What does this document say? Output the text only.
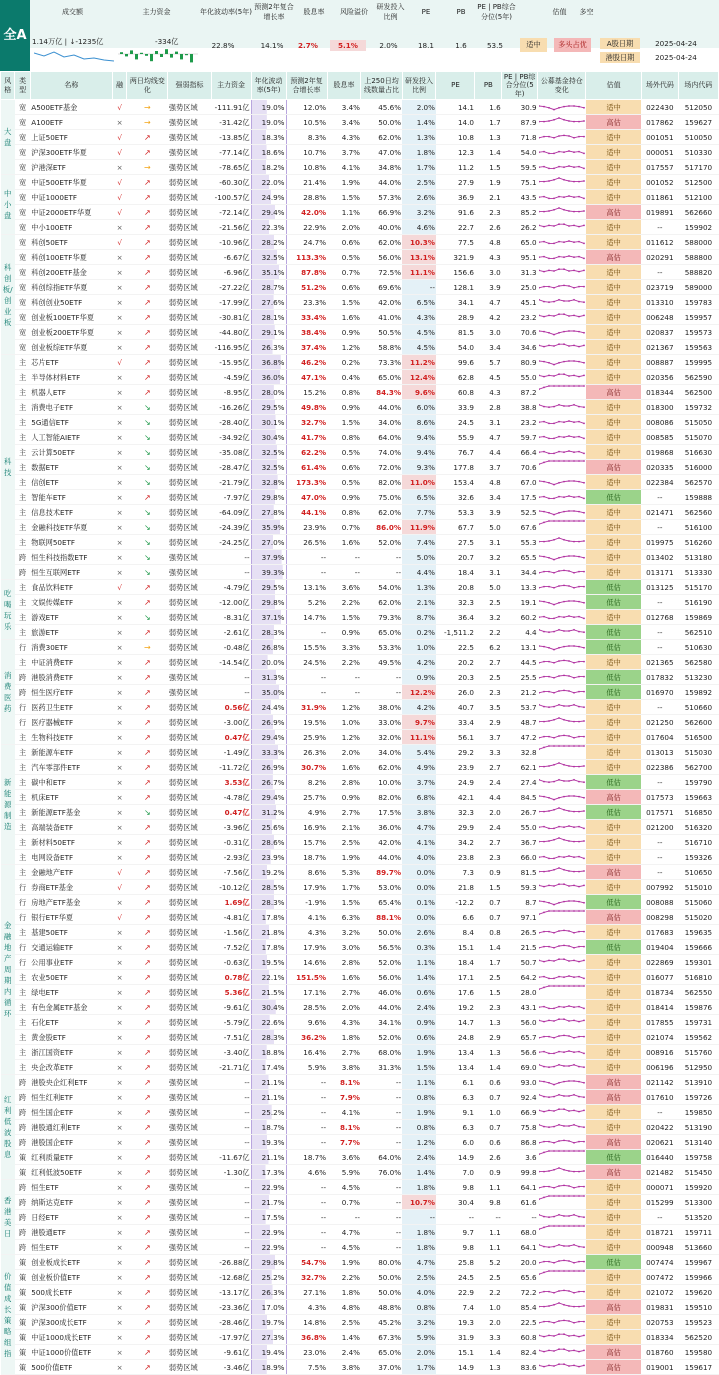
全A
成交额	主力资金	年化波动率(5年)
预测2年复合增长率
股息率	风险溢价
研发投入比例
PE	PB
PE | PB综合分位(5年)
估值	多空
1.14万亿 | ↓-1235亿	-334亿	22.8%	14.1%	2.7%	5.1%	2.0%	18.1	1.6	53.5	适中	多头占优	A股日期	2025-04-24
港股日期	2025-04-24
风格	类型	名称	融	两日均线变化	强弱指标	主力资金	年化波动率(5年)	预测2年复合增长率	股息率	上250日均线数量占比	研发投入比例	PE	PB	PE | PB综合分位(5年)	公募基金持仓变化	估值	场外代码	场内代码
大盘	宽	A500ETF基金	√	→	强势区域	-111.91亿	19.0%	12.0%	3.4%	45.6%	2.0%	14.1	1.6	30.9		适中	022430	512050
	宽	A100ETF	×	→	强势区域	-31.42亿	19.0%	10.5%	3.4%	50.0%	1.4%	14.0	1.7	87.9		高估	017862	159627
	宽	上证50ETF	√	↗	强势区域	-13.85亿	18.3%	8.3%	4.3%	62.0%	1.3%	10.8	1.3	71.8		适中	001051	510050
	宽	沪深300ETF华夏	√	↗	强势区域	-77.14亿	18.6%	10.7%	3.7%	47.0%	1.8%	12.3	1.4	54.0		适中	000051	510330
	宽	沪港深ETF	×	→	强势区域	-78.65亿	18.2%	10.8%	4.1%	34.8%	1.7%	11.2	1.5	59.5		适中	017557	517170
中小盘	宽	中证500ETF华夏	√	↗	弱势区域	-60.30亿	22.0%	21.4%	1.9%	44.0%	2.5%	27.9	1.9	75.1		适中	001052	512500
	宽	中证1000ETF	√	↗	弱势区域	-100.57亿	24.9%	28.8%	1.5%	57.3%	2.6%	36.9	2.1	43.5		适中	011861	512100
	宽	中证2000ETF华夏	√	↗	弱势区域	-72.14亿	29.4%	42.0%	1.1%	66.9%	3.2%	91.6	2.3	85.2		高估	019891	562660
	宽	中小100ETF	×	↗	弱势区域	-21.56亿	22.3%	22.9%	2.0%	40.0%	4.6%	22.7	2.6	26.2		适中	--	159902
科创板/创业板	宽	科创50ETF	√	↗	弱势区域	-10.96亿	28.2%	24.7%	0.6%	62.0%	10.3%	77.5	4.8	65.0		适中	011612	588000
	宽	科创100ETF华夏	×	↗	弱势区域	-6.67亿	32.5%	113.3%	0.5%	56.0%	13.1%	321.9	4.3	95.1		高估	020291	588800
	宽	科创200ETF基金	×	↗	弱势区域	-6.96亿	35.1%	87.8%	0.7%	72.5%	11.1%	156.6	3.0	31.3		适中	--	588820
	宽	科创综指ETF华夏	×	↗	弱势区域	-27.22亿	28.7%	51.2%	0.6%	69.6%	--	128.1	3.9	25.0		适中	023719	589000
	宽	科创创业50ETF	×	↗	弱势区域	-17.99亿	27.6%	23.3%	1.5%	42.0%	6.5%	34.1	4.7	45.1		适中	013310	159783
	宽	创业板100ETF华夏	×	↗	弱势区域	-30.81亿	28.1%	33.4%	1.6%	41.0%	4.3%	28.9	4.2	23.2		适中	006248	159957
	宽	创业板200ETF华夏	×	↗	弱势区域	-44.80亿	29.1%	38.4%	0.9%	50.5%	4.5%	81.5	3.0	70.6		适中	020837	159573
	宽	创业板综ETF华夏	×	↗	弱势区域	-116.95亿	26.3%	37.4%	1.2%	58.8%	4.5%	54.0	3.4	34.6		适中	021367	159563
科技	主	芯片ETF	√	↗	弱势区域	-15.95亿	36.8%	46.2%	0.2%	73.3%	11.2%	99.6	5.7	80.9		适中	008887	159995
	主	半导体材料ETF	×	↗	弱势区域	-4.59亿	36.0%	47.1%	0.4%	65.0%	12.4%	62.8	4.5	55.0		适中	020356	562590
	主	机器人ETF	×	↗	弱势区域	-8.95亿	28.0%	15.2%	0.8%	84.3%	9.6%	60.8	4.3	87.2		高估	018344	562500
	主	消费电子ETF	×	↘	弱势区域	-16.26亿	29.5%	49.8%	0.9%	44.0%	6.0%	33.9	2.8	38.8		适中	018300	159732
	主	5G通信ETF	×	↘	弱势区域	-28.40亿	30.1%	32.7%	1.5%	34.0%	8.6%	24.5	3.1	23.2		适中	008086	515050
	主	人工智能AIETF	×	↘	弱势区域	-34.92亿	30.4%	41.7%	0.8%	64.0%	9.4%	55.9	4.7	59.7		适中	008585	515070
	主	云计算50ETF	×	↘	弱势区域	-35.08亿	32.5%	62.2%	0.5%	74.0%	9.4%	76.7	4.4	66.4		适中	019868	516630
	主	数据ETF	×	↘	弱势区域	-28.47亿	32.5%	61.4%	0.6%	72.0%	9.3%	177.8	3.7	70.6		高估	020335	516000
	主	信创ETF	×	↘	弱势区域	-21.79亿	32.8%	173.3%	0.5%	82.0%	11.0%	153.4	4.8	67.0		适中	022384	562570
	主	智能车ETF	×	↗	弱势区域	-7.97亿	29.8%	47.0%	0.9%	75.0%	6.5%	32.6	3.4	17.5		低估	--	159888
	主	信息技术ETF	×	↘	弱势区域	-64.09亿	27.8%	44.1%	0.8%	62.0%	7.7%	53.3	3.9	52.5		适中	021471	562560
	主	金融科技ETF华夏	×	↘	弱势区域	-24.39亿	35.9%	23.9%	0.7%	86.0%	11.9%	67.7	5.0	67.6		适中	--	516100
	主	物联网50ETF	×	↘	弱势区域	-24.25亿	27.0%	26.5%	1.6%	52.0%	7.4%	27.5	3.1	55.3		适中	019975	516260
	跨	恒生科技指数ETF	×	↘	强势区域	--	37.9%	--	--	--	5.0%	20.7	3.2	65.5		适中	013402	513180
	跨	恒生互联网ETF	×	↘	强势区域	--	39.3%	--	--	--	4.4%	18.4	3.1	34.4		适中	013171	513330
吃喝玩乐	主	食品饮料ETF	√	↗	弱势区域	-4.79亿	29.5%	13.1%	3.6%	54.0%	1.3%	20.8	5.0	13.3		低估	013125	515170
	主	文娱传媒ETF	×	↗	弱势区域	-12.00亿	29.8%	5.2%	2.2%	62.0%	2.1%	32.3	2.5	19.1		低估	--	516190
	主	游戏ETF	×	↘	弱势区域	-8.31亿	37.1%	14.7%	1.5%	79.3%	8.7%	36.4	3.2	60.2		适中	012768	159869
	主	旅游ETF	×	↗	弱势区域	-2.61亿	28.3%	--	0.9%	65.0%	0.2%	-1,511.2	2.2	4.4		低估	--	562510
消费医药	行	消费30ETF	×	→	弱势区域	-0.48亿	26.8%	15.5%	3.3%	53.3%	1.0%	22.5	6.2	13.1		低估	--	510630
	主	中证消费ETF	×	↗	弱势区域	-14.54亿	20.0%	24.5%	2.2%	49.5%	4.2%	20.2	2.7	44.5		适中	021365	562580
	跨	港股消费ETF	×	↗	强势区域	--	31.3%	--	--	--	0.9%	20.3	2.5	25.5		低估	017832	513230
	跨	恒生医疗ETF	×	↗	强势区域	--	35.0%	--	--	--	12.2%	26.0	2.3	21.2		低估	016970	159892
	行	医药卫生ETF	×	↗	弱势区域	0.56亿	24.4%	31.9%	1.2%	38.0%	4.2%	40.7	3.5	53.7		适中	--	510660
	行	医疗器械ETF	×	↗	弱势区域	-3.00亿	26.9%	19.5%	1.0%	33.0%	9.7%	33.4	2.9	48.7		适中	021250	562600
	主	生物科技ETF	×	↗	弱势区域	0.47亿	29.4%	25.9%	1.2%	32.0%	11.1%	56.1	3.7	47.2		适中	017604	516500
新能源制造	主	新能源车ETF	×	↗	弱势区域	-1.49亿	33.3%	26.3%	2.0%	34.0%	5.4%	29.2	3.3	32.8		适中	013013	515030
	主	汽车零部件ETF	×	↗	弱势区域	-11.72亿	26.9%	30.7%	1.6%	62.0%	4.9%	23.9	2.7	62.1		适中	022386	562700
	主	碳中和ETF	×	↗	弱势区域	3.53亿	26.7%	8.2%	2.8%	10.0%	3.7%	24.9	2.4	27.4		低估	--	159790
	主	机床ETF	×	↗	弱势区域	-4.78亿	29.4%	25.7%	0.9%	82.0%	6.8%	42.1	4.4	84.5		高估	017573	159663
	主	新能源ETF基金	×	↘	弱势区域	0.47亿	31.2%	4.9%	2.7%	17.5%	3.8%	32.3	2.0	26.7		低估	017571	516850
	主	高端装备ETF	×	↗	弱势区域	-3.96亿	25.6%	16.9%	2.1%	36.0%	4.7%	29.9	2.4	55.0		适中	021200	516320
	主	新材料50ETF	×	↗	弱势区域	-0.31亿	28.6%	15.7%	2.5%	42.0%	4.1%	34.2	2.7	36.7		适中	--	516710
	主	电网设备ETF	×	↗	弱势区域	-2.93亿	23.9%	18.7%	1.9%	44.0%	4.0%	23.8	2.3	66.0		适中	--	159326
金融地产周期内循环	主	金融地产ETF	√	↗	弱势区域	-7.56亿	19.2%	8.6%	5.3%	89.7%	0.0%	7.3	0.9	81.5		高估	--	510650
	行	券商ETF基金	√	↗	弱势区域	-10.12亿	28.5%	17.9%	1.7%	53.0%	0.0%	21.8	1.5	59.3		适中	007992	515010
	行	房地产ETF基金	×	↗	弱势区域	1.69亿	28.3%	-1.9%	1.5%	65.4%	0.1%	-12.2	0.7	8.7		低估	008088	515060
	行	银行ETF华夏	√	↗	弱势区域	-4.81亿	17.8%	4.1%	6.3%	88.1%	0.0%	6.6	0.7	97.1		高估	008298	515020
	主	基建50ETF	×	↗	弱势区域	-1.56亿	21.8%	4.3%	3.2%	50.0%	2.6%	8.4	0.8	26.5		适中	017683	159635
	行	交通运输ETF	×	↗	弱势区域	-7.52亿	17.8%	17.9%	3.0%	56.5%	0.3%	15.1	1.4	21.5		低估	019404	159666
	行	公用事业ETF	×	↗	弱势区域	-0.63亿	19.5%	14.6%	2.8%	52.0%	1.1%	18.4	1.7	50.7		适中	022869	159301
	主	农业50ETF	×	↗	弱势区域	0.78亿	22.1%	151.5%	1.6%	56.0%	1.4%	17.1	2.5	64.2		适中	016077	516810
	主	绿电ETF	×	↗	弱势区域	5.36亿	21.5%	17.1%	2.7%	46.0%	0.6%	17.6	1.5	28.0		适中	018734	562550
	主	有色金属ETF基金	×	↗	弱势区域	-9.61亿	30.4%	28.5%	2.0%	44.0%	2.4%	19.2	2.3	43.1		适中	018414	159876
	主	石化ETF	×	↗	弱势区域	-5.79亿	22.6%	9.6%	4.3%	34.1%	0.9%	14.7	1.3	56.0		适中	017855	159731
	主	黄金股ETF	×	↗	弱势区域	-7.51亿	28.3%	36.2%	1.8%	52.0%	0.6%	24.8	2.9	65.7		适中	021074	159562
	主	浙江国资ETF	×	↗	弱势区域	-3.40亿	18.8%	16.4%	2.7%	68.0%	1.9%	13.4	1.3	56.6		适中	008916	515760
	主	央企改革ETF	×	↗	弱势区域	-21.71亿	17.4%	5.9%	3.8%	31.3%	1.5%	13.4	1.4	69.0		适中	006196	512950
红利低波股息	跨	港股央企红利ETF	×	↗	强势区域	--	21.1%	--	8.1%	--	1.1%	6.1	0.6	93.0		高估	021142	513910
	跨	恒生红利ETF	×	↗	强势区域	--	21.1%	--	7.9%	--	0.8%	6.3	0.7	92.4		高估	017610	159726
	跨	恒生国企ETF	×	↗	强势区域	--	25.2%	--	4.1%	--	1.9%	9.1	1.0	66.9		适中	--	159850
	跨	港股通红利ETF	×	↗	强势区域	--	18.7%	--	8.1%	--	0.8%	6.3	0.7	75.8		适中	020422	513190
	跨	港股国企ETF	×	↗	强势区域	--	19.3%	--	7.7%	--	1.2%	6.0	0.6	86.8		高估	020621	513140
	策	红利质量ETF	×	↗	弱势区域	-11.67亿	21.1%	18.7%	3.6%	64.0%	2.4%	14.9	2.6	3.6		低估	016440	159758
	策	红利低波50ETF	×	↗	弱势区域	-1.30亿	17.3%	4.6%	5.9%	76.0%	1.4%	7.0	0.9	99.8		高估	021482	515450
香港美日	跨	恒生ETF	×	↗	强势区域	--	22.9%	--	4.5%	--	1.8%	9.8	1.1	64.1		适中	000071	159920
	跨	纳斯达克ETF	×	↗	强势区域	--	21.7%	--	0.7%	--	10.7%	30.4	9.8	61.6		适中	015299	513300
	跨	日经ETF	×	↗	强势区域	--	17.5%	--	--	--	--	--	--	--		适中	--	513520
	跨	港股通ETF	×	↗	强势区域	--	22.9%	--	4.7%	--	1.8%	9.7	1.1	68.0		适中	018721	159711
	跨	恒生ETF	×	↗	强势区域	--	22.9%	--	4.5%	--	1.8%	9.8	1.1	64.1		适中	000948	513660
价值成长策略组指	策	创业板成长ETF	×	↗	弱势区域	-26.88亿	29.8%	54.7%	1.9%	80.0%	4.7%	25.8	5.2	20.0		低估	007474	159967
	策	创业板价值ETF	×	↗	弱势区域	-12.68亿	25.2%	32.7%	2.2%	50.0%	2.5%	24.5	2.5	65.6		适中	007472	159966
	策	500成长ETF	×	↗	弱势区域	-13.17亿	26.3%	27.1%	1.8%	50.0%	4.0%	22.9	2.2	72.2		适中	021072	159620
	策	沪深300价值ETF	×	↗	弱势区域	-23.36亿	17.0%	4.3%	4.8%	48.8%	0.8%	7.4	1.0	85.4		高估	019831	159510
	策	沪深300成长ETF	×	↗	弱势区域	-28.46亿	19.7%	14.8%	2.5%	45.2%	3.2%	19.3	2.0	22.5		适中	020753	159523
	策	中证1000成长ETF	×	↗	弱势区域	-17.97亿	27.3%	36.8%	1.4%	67.3%	5.9%	31.9	3.3	60.8		适中	018334	562520
	策	中证1000价值ETF	×	↗	弱势区域	-9.61亿	19.4%	23.0%	2.4%	65.0%	2.0%	15.1	1.4	82.4		高估	018760	159580
	策	500价值ETF	×	↗	弱势区域	-3.46亿	18.9%	7.5%	3.8%	37.0%	1.7%	14.9	1.3	83.6		高估	019001	159617
